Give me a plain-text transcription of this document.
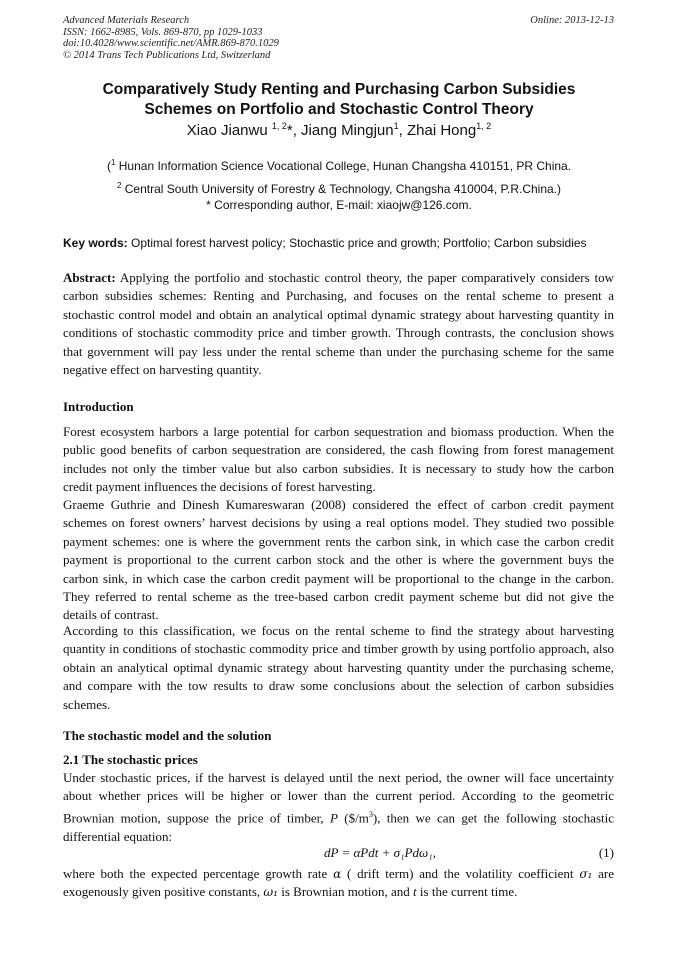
Advanced Materials Research
ISSN: 1662-8985, Vols. 869-870, pp 1029-1033
doi:10.4028/www.scientific.net/AMR.869-870.1029
© 2014 Trans Tech Publications Ltd, Switzerland
Online: 2013-12-13
Comparatively Study Renting and Purchasing Carbon Subsidies
Schemes on Portfolio and Stochastic Control Theory
Xiao Jianwu $^{1, 2}$*, Jiang Mingjun$^1$, Zhai Hong$^{1, 2}$
($^1$ Hunan Information Science Vocational College, Hunan Changsha 410151, PR China.
$^2$ Central South University of Forestry & Technology, Changsha 410004, P.R.China.)
* Corresponding author, E-mail: xiaojw@126.com.
Key words: Optimal forest harvest policy; Stochastic price and growth; Portfolio; Carbon subsidies
Abstract: Applying the portfolio and stochastic control theory, the paper comparatively considers tow carbon subsidies schemes: Renting and Purchasing, and focuses on the rental scheme to present a stochastic control model and obtain an analytical optimal dynamic strategy about harvesting quantity in conditions of stochastic commodity price and timber growth. Through contrasts, the conclusion shows that government will pay less under the rental scheme than under the purchasing scheme for the same negative effect on harvesting quantity.
Introduction
Forest ecosystem harbors a large potential for carbon sequestration and biomass production. When the public good benefits of carbon sequestration are considered, the cash flowing from forest management includes not only the timber value but also carbon subsidies. It is necessary to study how the carbon credit payment influences the decisions of forest harvesting.
Graeme Guthrie and Dinesh Kumareswaran (2008) considered the effect of carbon credit payment schemes on forest owners’ harvest decisions by using a real options model. They studied two possible payment schemes: one is where the government rents the carbon sink, in which case the carbon credit payment is proportional to the current carbon stock and the other is where the government buys the carbon sink, in which case the carbon credit payment will be proportional to the change in the carbon. They referred to rental scheme as the tree-based carbon credit payment scheme but did not give the details of contrast.
According to this classification, we focus on the rental scheme to find the strategy about harvesting quantity in conditions of stochastic commodity price and timber growth by using portfolio approach, also obtain an analytical optimal dynamic strategy about harvesting quantity under the purchasing scheme, and compare with the tow results to draw some conclusions about the selection of carbon subsidies schemes.
The stochastic model and the solution
2.1 The stochastic prices
Under stochastic prices, if the harvest is delayed until the next period, the owner will face uncertainty about whether prices will be higher or lower than the current period. According to the geometric Brownian motion, suppose the price of timber, P $(\$/m^3)$, then we can get the following stochastic differential equation:
dP = αPdt + σ₁Pdω₁,	(1)
where both the expected percentage growth rate α ( drift term) and the volatility coefficient σ₁ are exogenously given positive constants, ω₁ is Brownian motion, and t is the current time.
